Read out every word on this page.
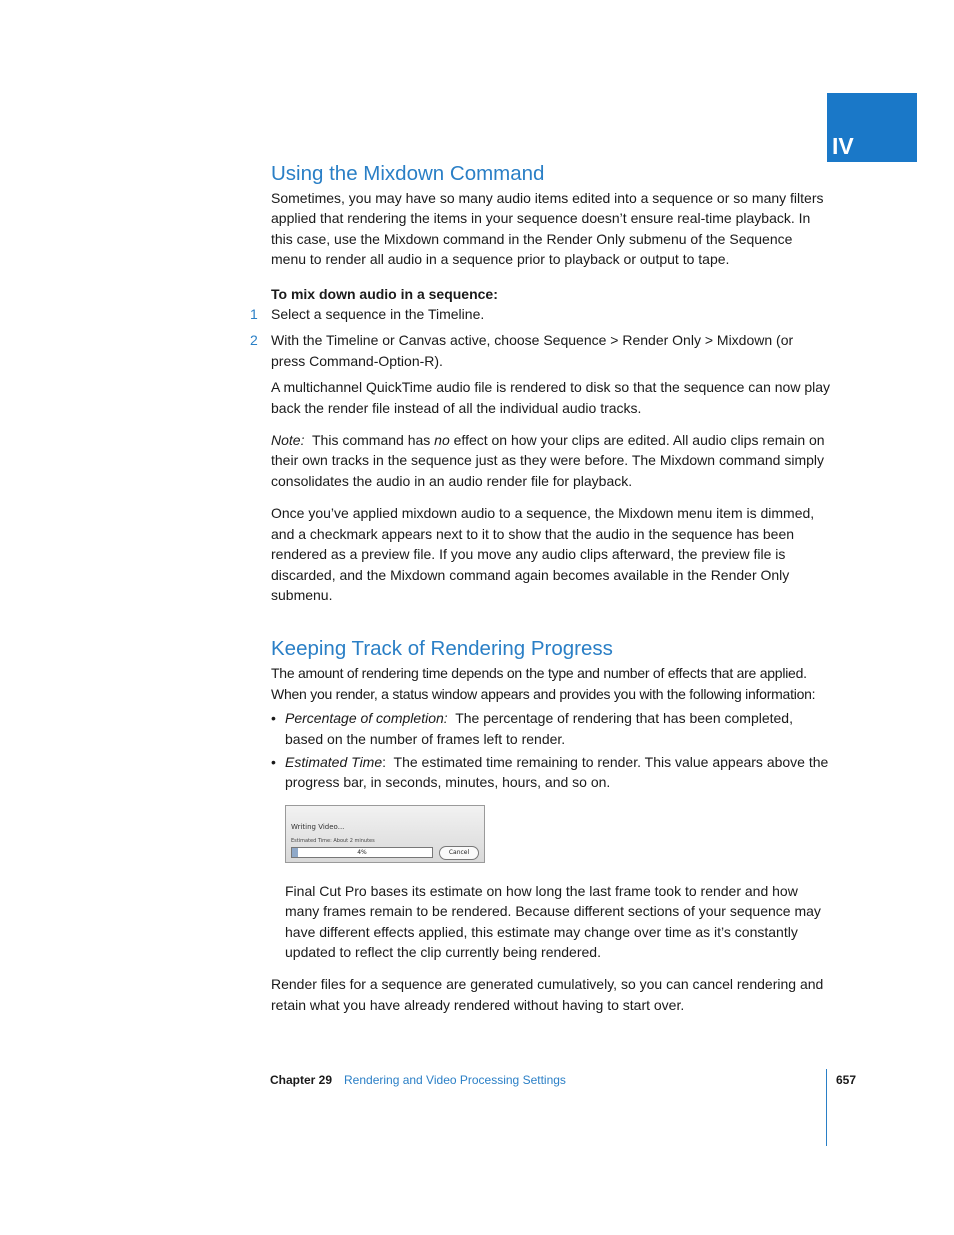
IV
Using the Mixdown Command

Sometimes, you may have so many audio items edited into a sequence or so many filters applied that rendering the items in your sequence doesn’t ensure real-time playback. In this case, use the Mixdown command in the Render Only submenu of the Sequence menu to render all audio in a sequence prior to playback or output to tape.

To mix down audio in a sequence:

1 Select a sequence in the Timeline.
2 With the Timeline or Canvas active, choose Sequence > Render Only > Mixdown (or press Command-Option-R).

A multichannel QuickTime audio file is rendered to disk so that the sequence can now play back the render file instead of all the individual audio tracks.

Note: This command has no effect on how your clips are edited. All audio clips remain on their own tracks in the sequence just as they were before. The Mixdown command simply consolidates the audio in an audio render file for playback.

Once you’ve applied mixdown audio to a sequence, the Mixdown menu item is dimmed, and a checkmark appears next to it to show that the audio in the sequence has been rendered as a preview file. If you move any audio clips afterward, the preview file is discarded, and the Mixdown command again becomes available in the Render Only submenu.

Keeping Track of Rendering Progress

The amount of rendering time depends on the type and number of effects that are applied. When you render, a status window appears and provides you with the following information:

• Percentage of completion: The percentage of rendering that has been completed, based on the number of frames left to render.
• Estimated Time: The estimated time remaining to render. This value appears above the progress bar, in seconds, minutes, hours, and so on.
Writing Video...
Estimated Time: About 2 minutes
4%	Cancel

Final Cut Pro bases its estimate on how long the last frame took to render and how many frames remain to be rendered. Because different sections of your sequence may have different effects applied, this estimate may change over time as it’s constantly updated to reflect the clip currently being rendered.

Render files for a sequence are generated cumulatively, so you can cancel rendering and retain what you have already rendered without having to start over.

Chapter 29 Rendering and Video Processing Settings	657
